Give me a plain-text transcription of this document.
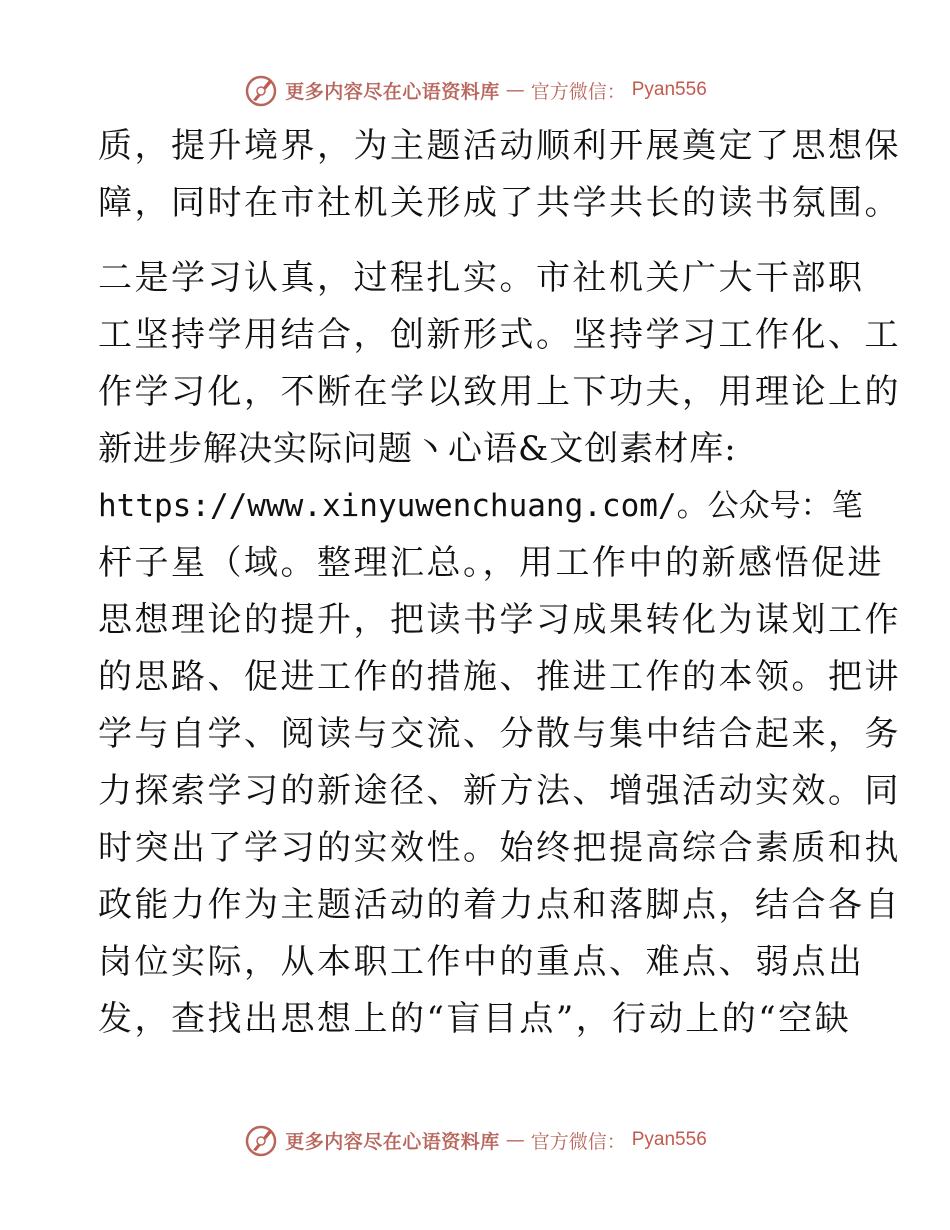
更多内容尽在心语资料库 — 官方微信： Pyan556
质，提升境界，为主题活动顺利开展奠定了思想保
障，同时在市社机关形成了共学共长的读书氛围。
二是学习认真，过程扎实。市社机关广大干部职
工坚持学用结合，创新形式。坚持学习工作化、工
作学习化，不断在学以致用上下功夫，用理论上的
新进步解决实际问题丶心语&文创素材库:
https://www.xinyuwenchuang.com/。公众号：笔
杆子星（域。整理汇总。，用工作中的新感悟促进
思想理论的提升，把读书学习成果转化为谋划工作
的思路、促进工作的措施、推进工作的本领。把讲
学与自学、阅读与交流、分散与集中结合起来，务
力探索学习的新途径、新方法、增强活动实效。同
时突出了学习的实效性。始终把提高综合素质和执
政能力作为主题活动的着力点和落脚点，结合各自
岗位实际，从本职工作中的重点、难点、弱点出
发，查找出思想上的“盲目点”，行动上的“空缺
更多内容尽在心语资料库 — 官方微信： Pyan556
